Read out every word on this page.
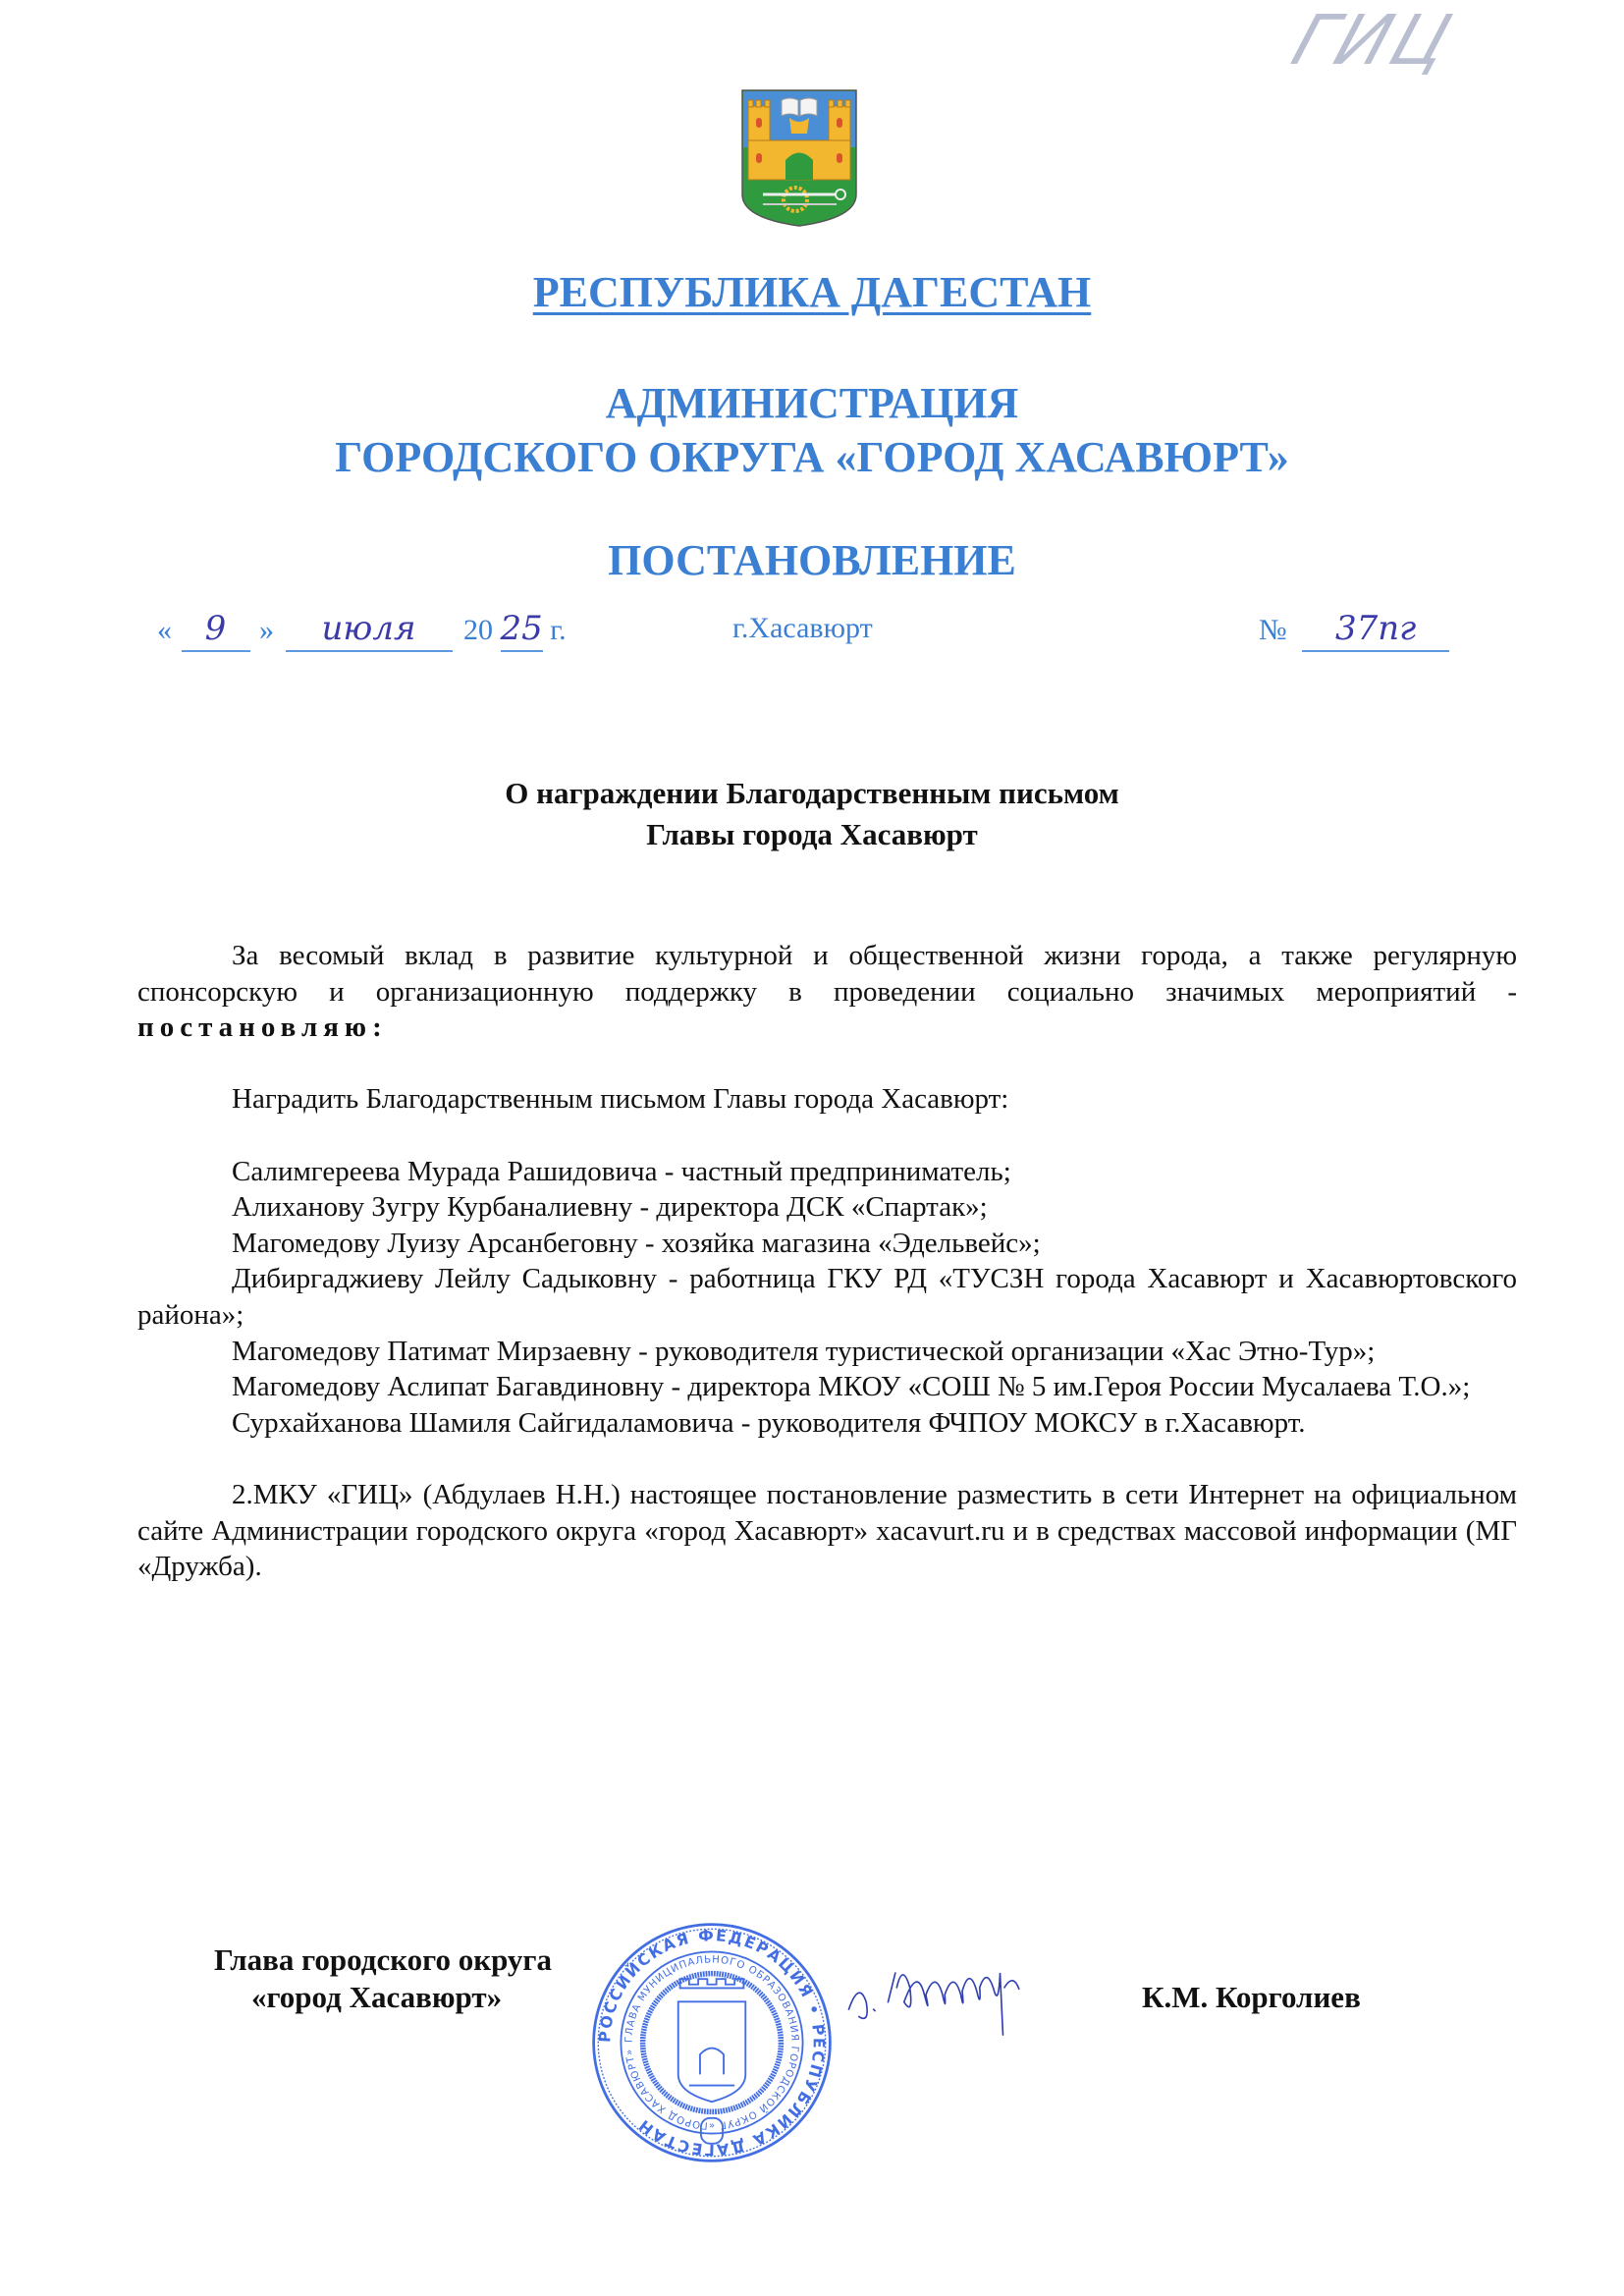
ГИЦ
РЕСПУБЛИКА ДАГЕСТАН
АДМИНИСТРАЦИЯ
ГОРОДСКОГО ОКРУГА «ГОРОД ХАСАВЮРТ»
ПОСТАНОВЛЕНИЕ
« 9 » июля 20 25 г.	г.Хасавюрт	№ 37пг
О награждении Благодарственным письмом
Главы города Хасавюрт

За весомый вклад в развитие культурной и общественной жизни города, а также регулярную спонсорскую и организационную поддержку в проведении социально значимых мероприятий - постановляю:

Наградить Благодарственным письмом Главы города Хасавюрт:

Салимгереева Мурада Рашидовича - частный предприниматель;

Алиханову Зугру Курбаналиевну - директора ДСК «Спартак»;

Магомедову Луизу Арсанбеговну - хозяйка магазина «Эдельвейс»;

Дибиргаджиеву Лейлу Садыковну - работница ГКУ РД «ТУСЗН города Хасавюрт и Хасавюртовского района»;

Магомедову Патимат Мирзаевну - руководителя туристической организации «Хас Этно-Тур»;

Магомедову Аслипат Багавдиновну - директора МКОУ «СОШ № 5 им.Героя России Мусалаева Т.О.»;

Сурхайханова Шамиля Сайгидаламовича - руководителя ФЧПОУ МОКСУ в г.Хасавюрт.

2.МКУ «ГИЦ» (Абдулаев Н.Н.) настоящее постановление разместить в сети Интернет на официальном сайте Администрации городского округа «город Хасавюрт» xacavurt.ru и в средствах массовой информации (МГ «Дружба).

РОССИЙСКАЯ ФЕДЕРАЦИЯ • РЕСПУБЛИКА ДАГЕСТАН
ГЛАВА МУНИЦИПАЛЬНОГО ОБРАЗОВАНИЯ ГОРОДСКОЙ ОКРУГ «ГОРОД ХАСАВЮРТ»
Глава городского округа
«город Хасавюрт»	К.М. Корголиев
